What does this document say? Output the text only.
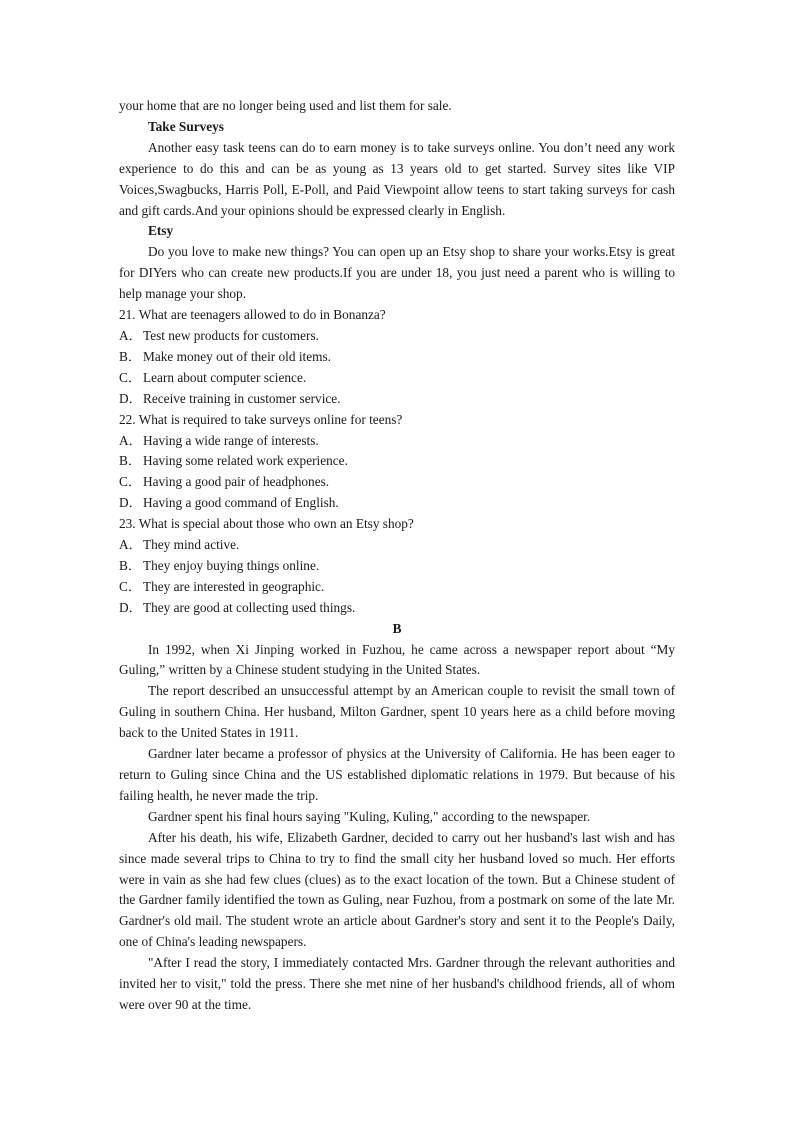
your home that are no longer being used and list them for sale.

Take Surveys

Another easy task teens can do to earn money is to take surveys online. You don’t need any work experience to do this and can be as young as 13 years old to get started. Survey sites like VIP Voices,Swagbucks, Harris Poll, E-Poll, and Paid Viewpoint allow teens to start taking surveys for cash and gift cards.And your opinions should be expressed clearly in English.

Etsy

Do you love to make new things? You can open up an Etsy shop to share your works.Etsy is great for DIYers who can create new products.If you are under 18, you just need a parent who is willing to help manage your shop.

21. What are teenagers allowed to do in Bonanza?

A．Test new products for customers.

B． Make money out of their old items.

C． Learn about computer science.

D．Receive training in customer service.

22. What is required to take surveys online for teens?

A．Having a wide range of interests.

B． Having some related work experience.

C． Having a good pair of headphones.

D．Having a good command of English.

23. What is special about those who own an Etsy shop?

A．They mind active.

B． They enjoy buying things online.

C． They are interested in geographic.

D．They are good at collecting used things.

B

In 1992, when Xi Jinping worked in Fuzhou, he came across a newspaper report about “My Guling,” written by a Chinese student studying in the United States.

The report described an unsuccessful attempt by an American couple to revisit the small town of Guling in southern China. Her husband, Milton Gardner, spent 10 years here as a child before moving back to the United States in 1911.

Gardner later became a professor of physics at the University of California. He has been eager to return to Guling since China and the US established diplomatic relations in 1979. But because of his failing health, he never made the trip.

Gardner spent his final hours saying "Kuling, Kuling," according to the newspaper.

After his death, his wife, Elizabeth Gardner, decided to carry out her husband's last wish and has since made several trips to China to try to find the small city her husband loved so much. Her efforts were in vain as she had few clues (clues) as to the exact location of the town. But a Chinese student of the Gardner family identified the town as Guling, near Fuzhou, from a postmark on some of the late Mr. Gardner's old mail. The student wrote an article about Gardner's story and sent it to the People's Daily, one of China's leading newspapers.

"After I read the story, I immediately contacted Mrs. Gardner through the relevant authorities and invited her to visit," told the press. There she met nine of her husband's childhood friends, all of whom were over 90 at the time.
